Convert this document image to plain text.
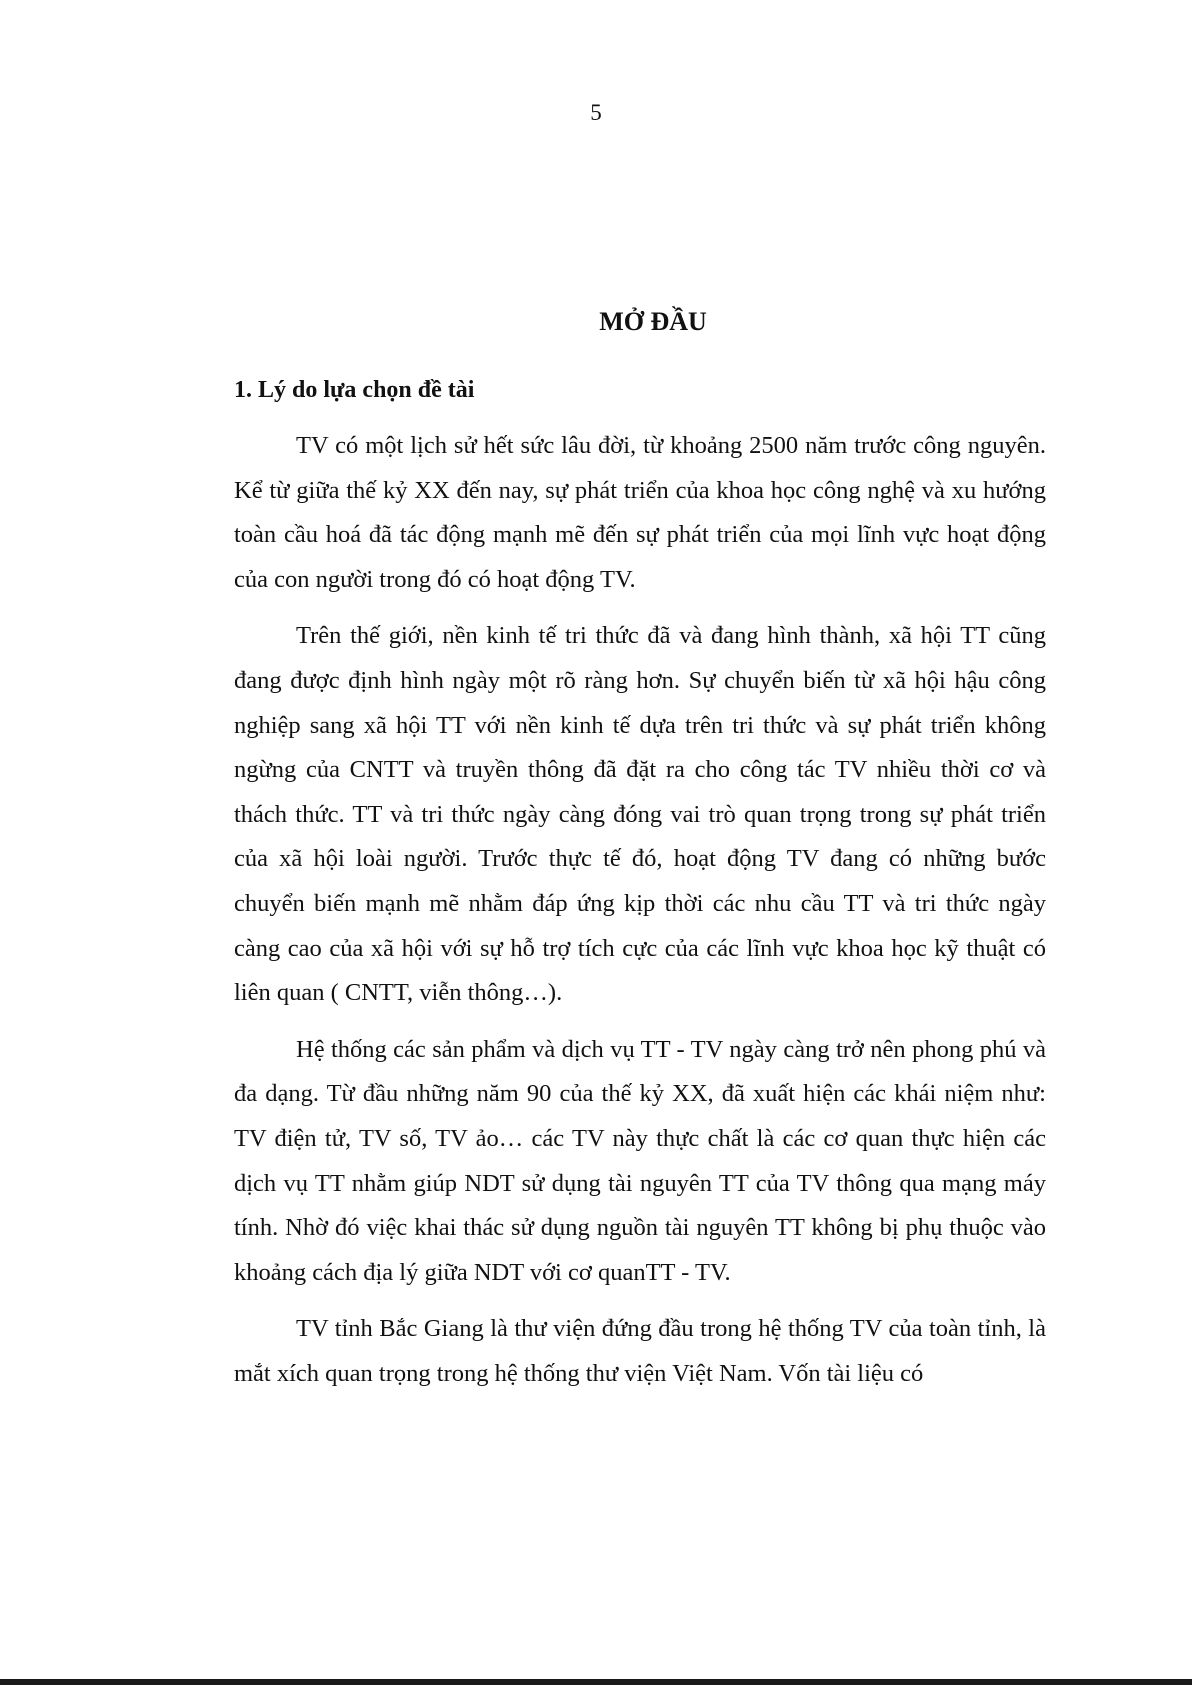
5
MỞ ĐẦU
1. Lý do lựa chọn đề tài

TV có một lịch sử hết sức lâu đời, từ khoảng 2500 năm trước công nguyên. Kể từ giữa thế kỷ XX đến nay, sự phát triển của khoa học công nghệ và xu hướng toàn cầu hoá đã tác động mạnh mẽ đến sự phát triển của mọi lĩnh vực hoạt động của con người trong đó có hoạt động TV.

Trên thế giới, nền kinh tế tri thức đã và đang hình thành, xã hội TT cũng đang được định hình ngày một rõ ràng hơn. Sự chuyển biến từ xã hội hậu công nghiệp sang xã hội TT với nền kinh tế dựa trên tri thức và sự phát triển không ngừng của CNTT và truyền thông đã đặt ra cho công tác TV nhiều thời cơ và thách thức. TT và tri thức ngày càng đóng vai trò quan trọng trong sự phát triển của xã hội loài người. Trước thực tế đó, hoạt động TV đang có những bước chuyển biến mạnh mẽ nhằm đáp ứng kịp thời các nhu cầu TT và tri thức ngày càng cao của xã hội với sự hỗ trợ tích cực của các lĩnh vực khoa học kỹ thuật có liên quan ( CNTT, viễn thông…).

Hệ thống các sản phẩm và dịch vụ TT - TV ngày càng trở nên phong phú và đa dạng. Từ đầu những năm 90 của thế kỷ XX, đã xuất hiện các khái niệm như: TV điện tử, TV số, TV ảo… các TV này thực chất là các cơ quan thực hiện các dịch vụ TT nhằm giúp NDT sử dụng tài nguyên TT của TV thông qua mạng máy tính. Nhờ đó việc khai thác sử dụng nguồn tài nguyên TT không bị phụ thuộc vào khoảng cách địa lý giữa NDT với cơ quanTT - TV.

TV tỉnh Bắc Giang là thư viện đứng đầu trong hệ thống TV của toàn tỉnh, là mắt xích quan trọng trong hệ thống thư viện Việt Nam. Vốn tài liệu có
